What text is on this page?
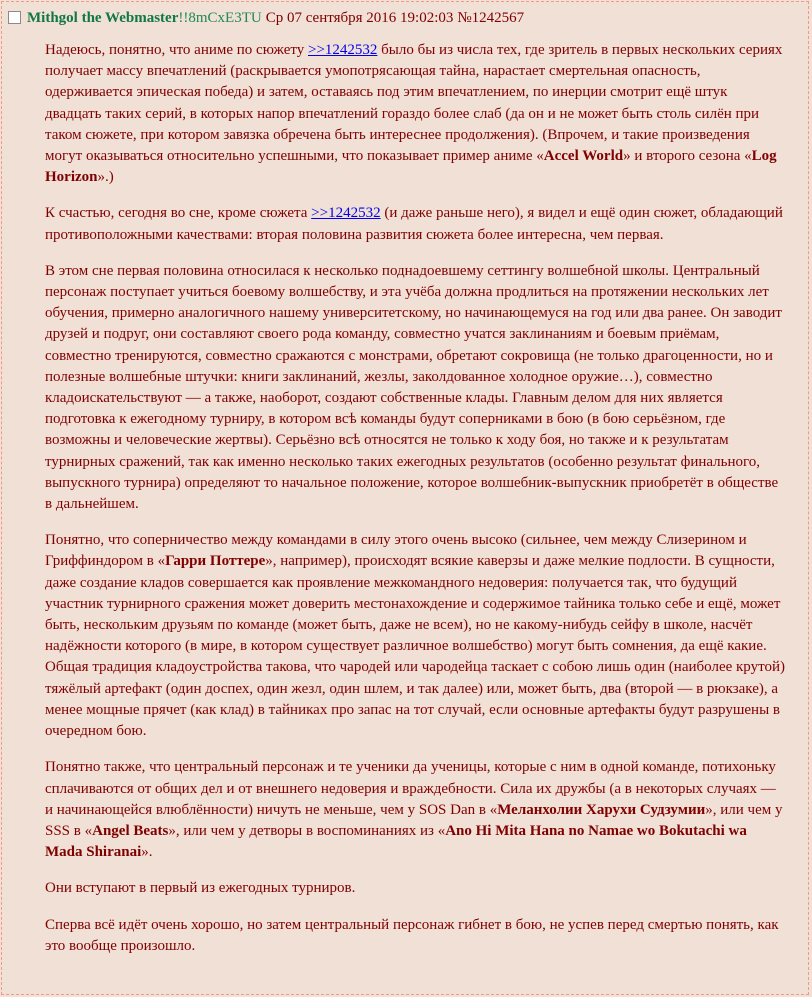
Mithgol the Webmaster!!8mCxE3TU Ср 07 сентября 2016 19:02:03 №1242567

Надеюсь, понятно, что аниме по сюжету >>1242532 было бы из числа тех, где зритель в первых нескольких сериях получает массу впечатлений (раскрывается умопотрясающая тайна, нарастает смертельная опасность, одерживается эпическая победа) и затем, оставаясь под этим впечатлением, по инерции смотрит ещё штук двадцать таких серий, в которых напор впечатлений гораздо более слаб (да он и не может быть столь силён при таком сюжете, при котором завязка обречена быть интереснее продолжения). (Впрочем, и такие произведения могут оказываться относительно успешными, что показывает пример аниме «Accel World» и второго сезона «Log Horizon».)

К счастью, сегодня во сне, кроме сюжета >>1242532 (и даже раньше него), я видел и ещё один сюжет, обладающий противоположными качествами: вторая половина развития сюжета более интересна, чем первая.

В этом сне первая половина относилася к несколько поднадоевшему сеттингу волшебной школы. Центральный персонаж поступает учиться боевому волшебству, и эта учёба должна продлиться на протяжении нескольких лет обучения, примерно аналогичного нашему университетскому, но начинающемуся на год или два ранее. Он заводит друзей и подруг, они составляют своего рода команду, совместно учатся заклинаниям и боевым приёмам, совместно тренируются, совместно сражаются с монстрами, обретают сокровища (не только драгоценности, но и полезные волшебные штучки: книги заклинаний, жезлы, заколдованное холодное оружие…), совместно кладоискательствуют — а также, наоборот, создают собственные клады. Главным делом для них является подготовка к ежегодному турниру, в котором всѣ команды будут соперниками в бою (в бою серьёзном, где возможны и человеческие жертвы). Серьёзно всѣ относятся не только к ходу боя, но также и к результатам турнирных сражений, так как именно несколько таких ежегодных результатов (особенно результат финального, выпускного турнира) определяют то начальное положение, которое волшебник-выпускник приобретёт в обществе в дальнейшем.

Понятно, что соперничество между командами в силу этого очень высоко (сильнее, чем между Слизерином и Гриффиндором в «Гарри Поттере», например), происходят всякие каверзы и даже мелкие подлости. В сущности, даже создание кладов совершается как проявление межкомандного недоверия: получается так, что будущий участник турнирного сражения может доверить местонахождение и содержимое тайника только себе и ещё, может быть, нескольким друзьям по команде (может быть, даже не всем), но не какому-нибудь сейфу в школе, насчёт надёжности которого (в мире, в котором существует различное волшебство) могут быть сомнения, да ещё какие. Общая традиция кладоустройства такова, что чародей или чародейца таскает с собою лишь один (наиболее крутой) тяжёлый артефакт (один доспех, один жезл, один шлем, и так далее) или, может быть, два (второй — в рюкзаке), а менее мощные прячет (как клад) в тайниках про запас на тот случай, если основные артефакты будут разрушены в очередном бою.

Понятно также, что центральный персонаж и те ученики да ученицы, которые с ним в одной команде, потихоньку сплачиваются от общих дел и от внешнего недоверия и враждебности. Сила их дружбы (а в некоторых случаях — и начинающейся влюблённости) ничуть не меньше, чем у SOS Dan в «Меланхолии Харухи Судзумии», или чем у SSS в «Angel Beats», или чем у детворы в воспоминаниях из «Ano Hi Mita Hana no Namae wo Bokutachi wa Mada Shiranai».

Они вступают в первый из ежегодных турниров.

Сперва всё идёт очень хорошо, но затем центральный персонаж гибнет в бою, не успев перед смертью понять, как это вообще произошло.
